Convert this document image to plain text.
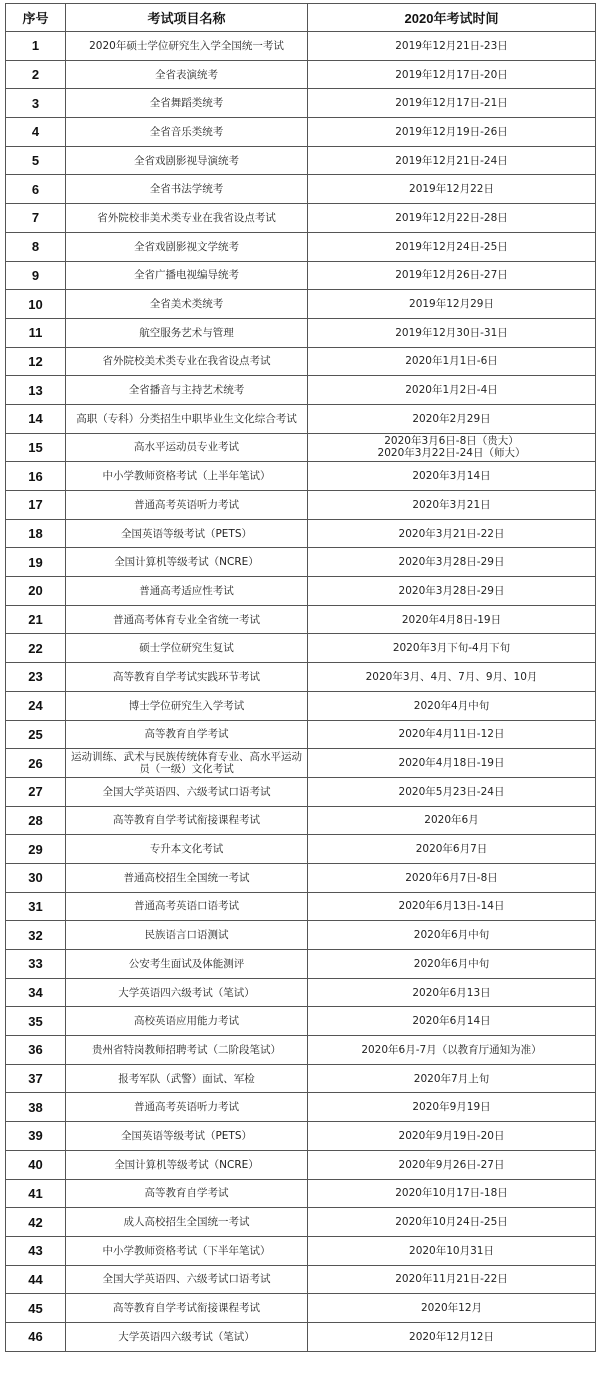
序号	考试项目名称	2020年考试时间
1	2020年硕士学位研究生入学全国统一考试	2019年12月21日-23日
2	全省表演统考	2019年12月17日-20日
3	全省舞蹈类统考	2019年12月17日-21日
4	全省音乐类统考	2019年12月19日-26日
5	全省戏剧影视导演统考	2019年12月21日-24日
6	全省书法学统考	2019年12月22日
7	省外院校非美术类专业在我省设点考试	2019年12月22日-28日
8	全省戏剧影视文学统考	2019年12月24日-25日
9	全省广播电视编导统考	2019年12月26日-27日
10	全省美术类统考	2019年12月29日
11	航空服务艺术与管理	2019年12月30日-31日
12	省外院校美术类专业在我省设点考试	2020年1月1日-6日
13	全省播音与主持艺术统考	2020年1月2日-4日
14	高职（专科）分类招生中职毕业生文化综合考试	2020年2月29日
15	高水平运动员专业考试	2020年3月6日-8日（贵大）
2020年3月22日-24日（师大）
16	中小学教师资格考试（上半年笔试）	2020年3月14日
17	普通高考英语听力考试	2020年3月21日
18	全国英语等级考试（PETS）	2020年3月21日-22日
19	全国计算机等级考试（NCRE）	2020年3月28日-29日
20	普通高考适应性考试	2020年3月28日-29日
21	普通高考体育专业全省统一考试	2020年4月8日-19日
22	硕士学位研究生复试	2020年3月下旬-4月下旬
23	高等教育自学考试实践环节考试	2020年3月、4月、7月、9月、10月
24	博士学位研究生入学考试	2020年4月中旬
25	高等教育自学考试	2020年4月11日-12日
26	运动训练、武术与民族传统体育专业、高水平运动员（一级）文化考试	2020年4月18日-19日
27	全国大学英语四、六级考试口语考试	2020年5月23日-24日
28	高等教育自学考试衔接课程考试	2020年6月
29	专升本文化考试	2020年6月7日
30	普通高校招生全国统一考试	2020年6月7日-8日
31	普通高考英语口语考试	2020年6月13日-14日
32	民族语言口语测试	2020年6月中旬
33	公安考生面试及体能测评	2020年6月中旬
34	大学英语四六级考试（笔试）	2020年6月13日
35	高校英语应用能力考试	2020年6月14日
36	贵州省特岗教师招聘考试（二阶段笔试）	2020年6月-7月（以教育厅通知为准）
37	报考军队（武警）面试、军检	2020年7月上旬
38	普通高考英语听力考试	2020年9月19日
39	全国英语等级考试（PETS）	2020年9月19日-20日
40	全国计算机等级考试（NCRE）	2020年9月26日-27日
41	高等教育自学考试	2020年10月17日-18日
42	成人高校招生全国统一考试	2020年10月24日-25日
43	中小学教师资格考试（下半年笔试）	2020年10月31日
44	全国大学英语四、六级考试口语考试	2020年11月21日-22日
45	高等教育自学考试衔接课程考试	2020年12月
46	大学英语四六级考试（笔试）	2020年12月12日
